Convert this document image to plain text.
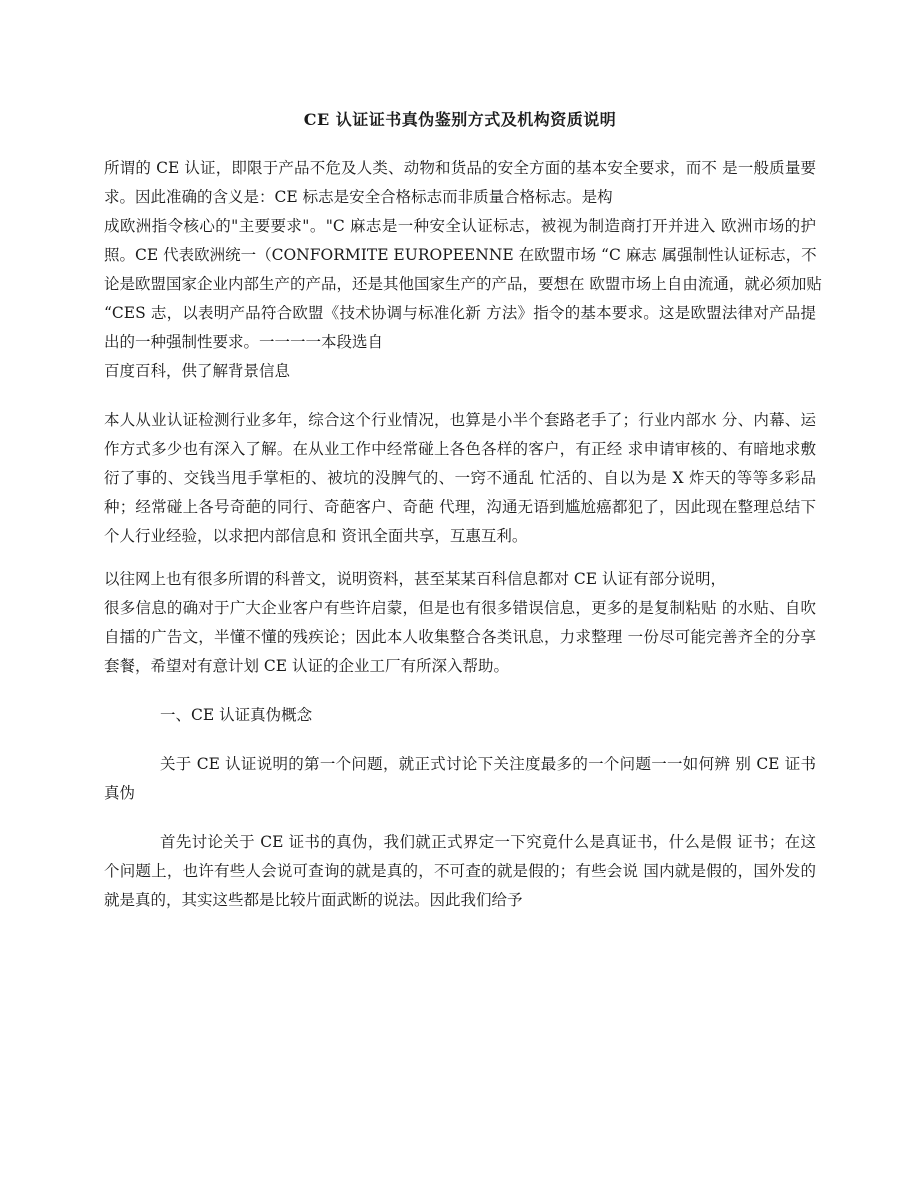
CE 认证证书真伪鉴别方式及机构资质说明

所谓的 CE 认证，即限于产品不危及人类、动物和货品的安全方面的基本安全要求，而不 是一般质量要

求。因此准确的含义是：CE 标志是安全合格标志而非质量合格标志。是构

成欧洲指令核心的"主要要求"。"C 麻志是一种安全认证标志，被视为制造商打开并进入 欧洲市场的护

照。CE 代表欧洲统一（CONFORMITE EUROPEENNE 在欧盟市场 “C 麻志 属强制性认证标志，不

论是欧盟国家企业内部生产的产品，还是其他国家生产的产品，要想在 欧盟市场上自由流通，就必须加贴

“CES 志，以表明产品符合欧盟《技术协调与标准化新 方法》指令的基本要求。这是欧盟法律对产品提

出的一种强制性要求。一一一一本段选自

百度百科，供了解背景信息

本人从业认证检测行业多年，综合这个行业情况，也算是小半个套路老手了；行业内部水 分、内幕、运

作方式多少也有深入了解。在从业工作中经常碰上各色各样的客户，有正经 求申请审核的、有暗地求敷

衍了事的、交钱当甩手掌柜的、被坑的没脾气的、一窍不通乱 忙活的、自以为是 X 炸天的等等多彩品

种；经常碰上各号奇葩的同行、奇葩客户、奇葩 代理，沟通无语到尴尬癌都犯了，因此现在整理总结下

个人行业经验，以求把内部信息和 资讯全面共享，互惠互利。

以往网上也有很多所谓的科普文，说明资料，甚至某某百科信息都对 CE 认证有部分说明，

很多信息的确对于广大企业客户有些许启蒙，但是也有很多错误信息，更多的是复制粘贴 的水贴、自吹

自擂的广告文，半懂不懂的残疾论；因此本人收集整合各类讯息，力求整理 一份尽可能完善齐全的分享

套餐，希望对有意计划 CE 认证的企业工厂有所深入帮助。

一、CE 认证真伪概念

关于 CE 认证说明的第一个问题，就正式讨论下关注度最多的一个问题一一如何辨 别 CE 证书

真伪

首先讨论关于 CE 证书的真伪，我们就正式界定一下究竟什么是真证书，什么是假 证书；在这

个问题上，也许有些人会说可查询的就是真的，不可查的就是假的；有些会说 国内就是假的，国外发的

就是真的，其实这些都是比较片面武断的说法。因此我们给予
